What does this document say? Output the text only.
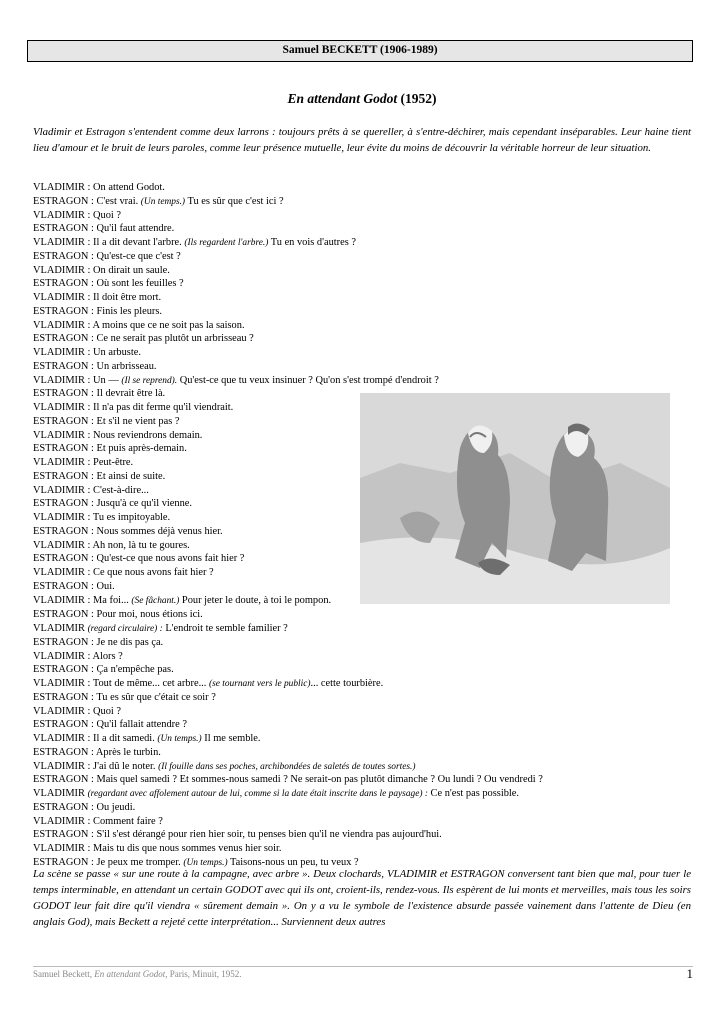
Samuel BECKETT (1906-1989)
En attendant Godot (1952)
Vladimir et Estragon s'entendent comme deux larrons : toujours prêts à se quereller, à s'entre-déchirer, mais cependant inséparables. Leur haine tient lieu d'amour et le bruit de leurs paroles, comme leur présence mutuelle, leur évite du moins de découvrir la véritable horreur de leur situation.
VLADIMIR : On attend Godot.
ESTRAGON : C'est vrai. (Un temps.) Tu es sûr que c'est ici ?
VLADIMIR : Quoi ?
ESTRAGON : Qu'il faut attendre.
VLADIMIR : Il a dit devant l'arbre. (Ils regardent l'arbre.) Tu en vois d'autres ?
ESTRAGON : Qu'est-ce que c'est ?
VLADIMIR : On dirait un saule.
ESTRAGON : Où sont les feuilles ?
VLADIMIR : Il doit être mort.
ESTRAGON : Finis les pleurs.
VLADIMIR : A moins que ce ne soit pas la saison.
ESTRAGON : Ce ne serait pas plutôt un arbrisseau ?
VLADIMIR : Un arbuste.
ESTRAGON : Un arbrisseau.
VLADIMIR : Un — (Il se reprend). Qu'est-ce que tu veux insinuer ? Qu'on s'est trompé d'endroit ?
ESTRAGON : Il devrait être là.
VLADIMIR : Il n'a pas dit ferme qu'il viendrait.
ESTRAGON : Et s'il ne vient pas ?
VLADIMIR : Nous reviendrons demain.
ESTRAGON : Et puis après-demain.
VLADIMIR : Peut-être.
ESTRAGON : Et ainsi de suite.
VLADIMIR : C'est-à-dire...
ESTRAGON : Jusqu'à ce qu'il vienne.
VLADIMIR : Tu es impitoyable.
ESTRAGON : Nous sommes déjà venus hier.
VLADIMIR : Ah non, là tu te goures.
ESTRAGON : Qu'est-ce que nous avons fait hier ?
VLADIMIR : Ce que nous avons fait hier ?
ESTRAGON : Oui.
VLADIMIR : Ma foi... (Se fâchant.) Pour jeter le doute, à toi le pompon.
ESTRAGON : Pour moi, nous étions ici.
VLADIMIR (regard circulaire) : L'endroit te semble familier ?
ESTRAGON : Je ne dis pas ça.
VLADIMIR : Alors ?
ESTRAGON : Ça n'empêche pas.
VLADIMIR : Tout de même... cet arbre... (se tournant vers le public)... cette tourbière.
ESTRAGON : Tu es sûr que c'était ce soir ?
VLADIMIR : Quoi ?
ESTRAGON : Qu'il fallait attendre ?
VLADIMIR : Il a dit samedi. (Un temps.) Il me semble.
ESTRAGON : Après le turbin.
VLADIMIR : J'ai dû le noter. (Il fouille dans ses poches, archibondées de saletés de toutes sortes.)
ESTRAGON : Mais quel samedi ? Et sommes-nous samedi ? Ne serait-on pas plutôt dimanche ? Ou lundi ? Ou vendredi ?
VLADIMIR (regardant avec affolement autour de lui, comme si la date était inscrite dans le paysage) : Ce n'est pas possible.
ESTRAGON : Ou jeudi.
VLADIMIR : Comment faire ?
ESTRAGON : S'il s'est dérangé pour rien hier soir, tu penses bien qu'il ne viendra pas aujourd'hui.
VLADIMIR : Mais tu dis que nous sommes venus hier soir.
ESTRAGON : Je peux me tromper. (Un temps.) Taisons-nous un peu, tu veux ?
La scène se passe « sur une route à la campagne, avec arbre ». Deux clochards, VLADIMIR et ESTRAGON conversent tant bien que mal, pour tuer le temps interminable, en attendant un certain GODOT avec qui ils ont, croient-ils, rendez-vous. Ils espèrent de lui monts et merveilles, mais tous les soirs GODOT leur fait dire qu'il viendra « sûrement demain ». On y a vu le symbole de l'existence absurde passée vainement dans l'attente de Dieu (en anglais God), mais Beckett a rejeté cette interprétation... Surviennent deux autres
Samuel Beckett, En attendant Godot, Paris, Minuit, 1952.	1
